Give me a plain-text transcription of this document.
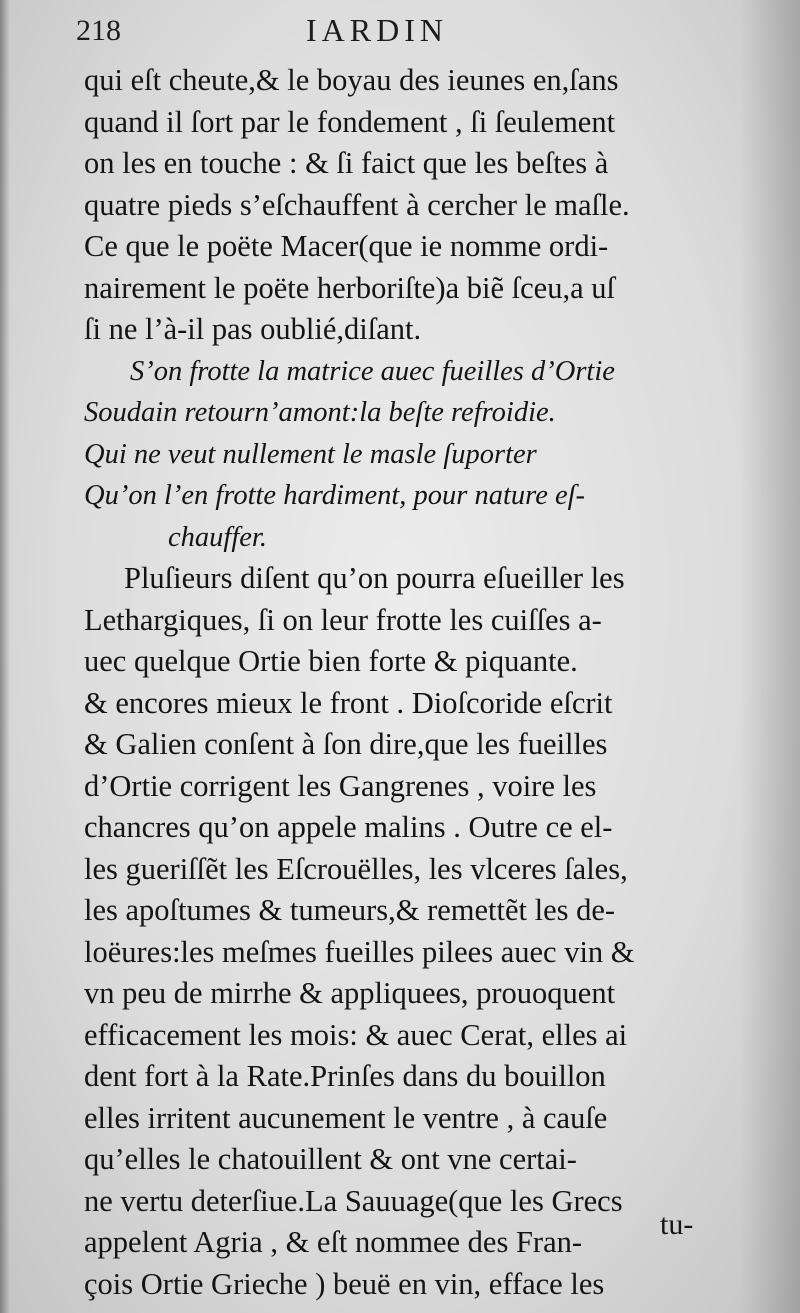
218	IARDIN
qui eſt cheute,& le boyau des ieunes en,ſans
quand il ſort par le fondement , ſi ſeulement
on les en touche : & ſi faict que les beſtes à
quatre pieds s’eſchauffent à cercher le maſle.
Ce que le poëte Macer(que ie nomme ordi-
nairement le poëte herboriſte)a biẽ ſceu,a uſ
ſi ne l’à-il pas oublié,diſant.
S’on frotte la matrice auec fueilles d’Ortie
Soudain retourn’amont:la beſte refroidie.
Qui ne veut nullement le masle ſuporter
Qu’on l’en frotte hardiment, pour nature eſ-
chauffer.
Pluſieurs diſent qu’on pourra eſueiller les
Lethargiques, ſi on leur frotte les cuiſſes a-
uec quelque Ortie bien forte & piquante.
& encores mieux le front . Dioſcoride eſcrit
& Galien conſent à ſon dire,que les fueilles
d’Ortie corrigent les Gangrenes , voire les
chancres qu’on appele malins . Outre ce el-
les gueriſſẽt les Eſcrouëlles, les vlceres ſales,
les apoſtumes & tumeurs,& remettẽt les de-
loëures:les meſmes fueilles pilees auec vin &
vn peu de mirrhe & appliquees, prouoquent
efficacement les mois: & auec Cerat, elles ai
dent fort à la Rate.Prinſes dans du bouillon
elles irritent aucunement le ventre , à cauſe
qu’elles le chatouillent & ont vne certai-
ne vertu deterſiue.La Sauuage(que les Grecs
appelent Agria , & eſt nommee des Fran-
çois Ortie Grieche ) beuë en vin, efface les
tu-
